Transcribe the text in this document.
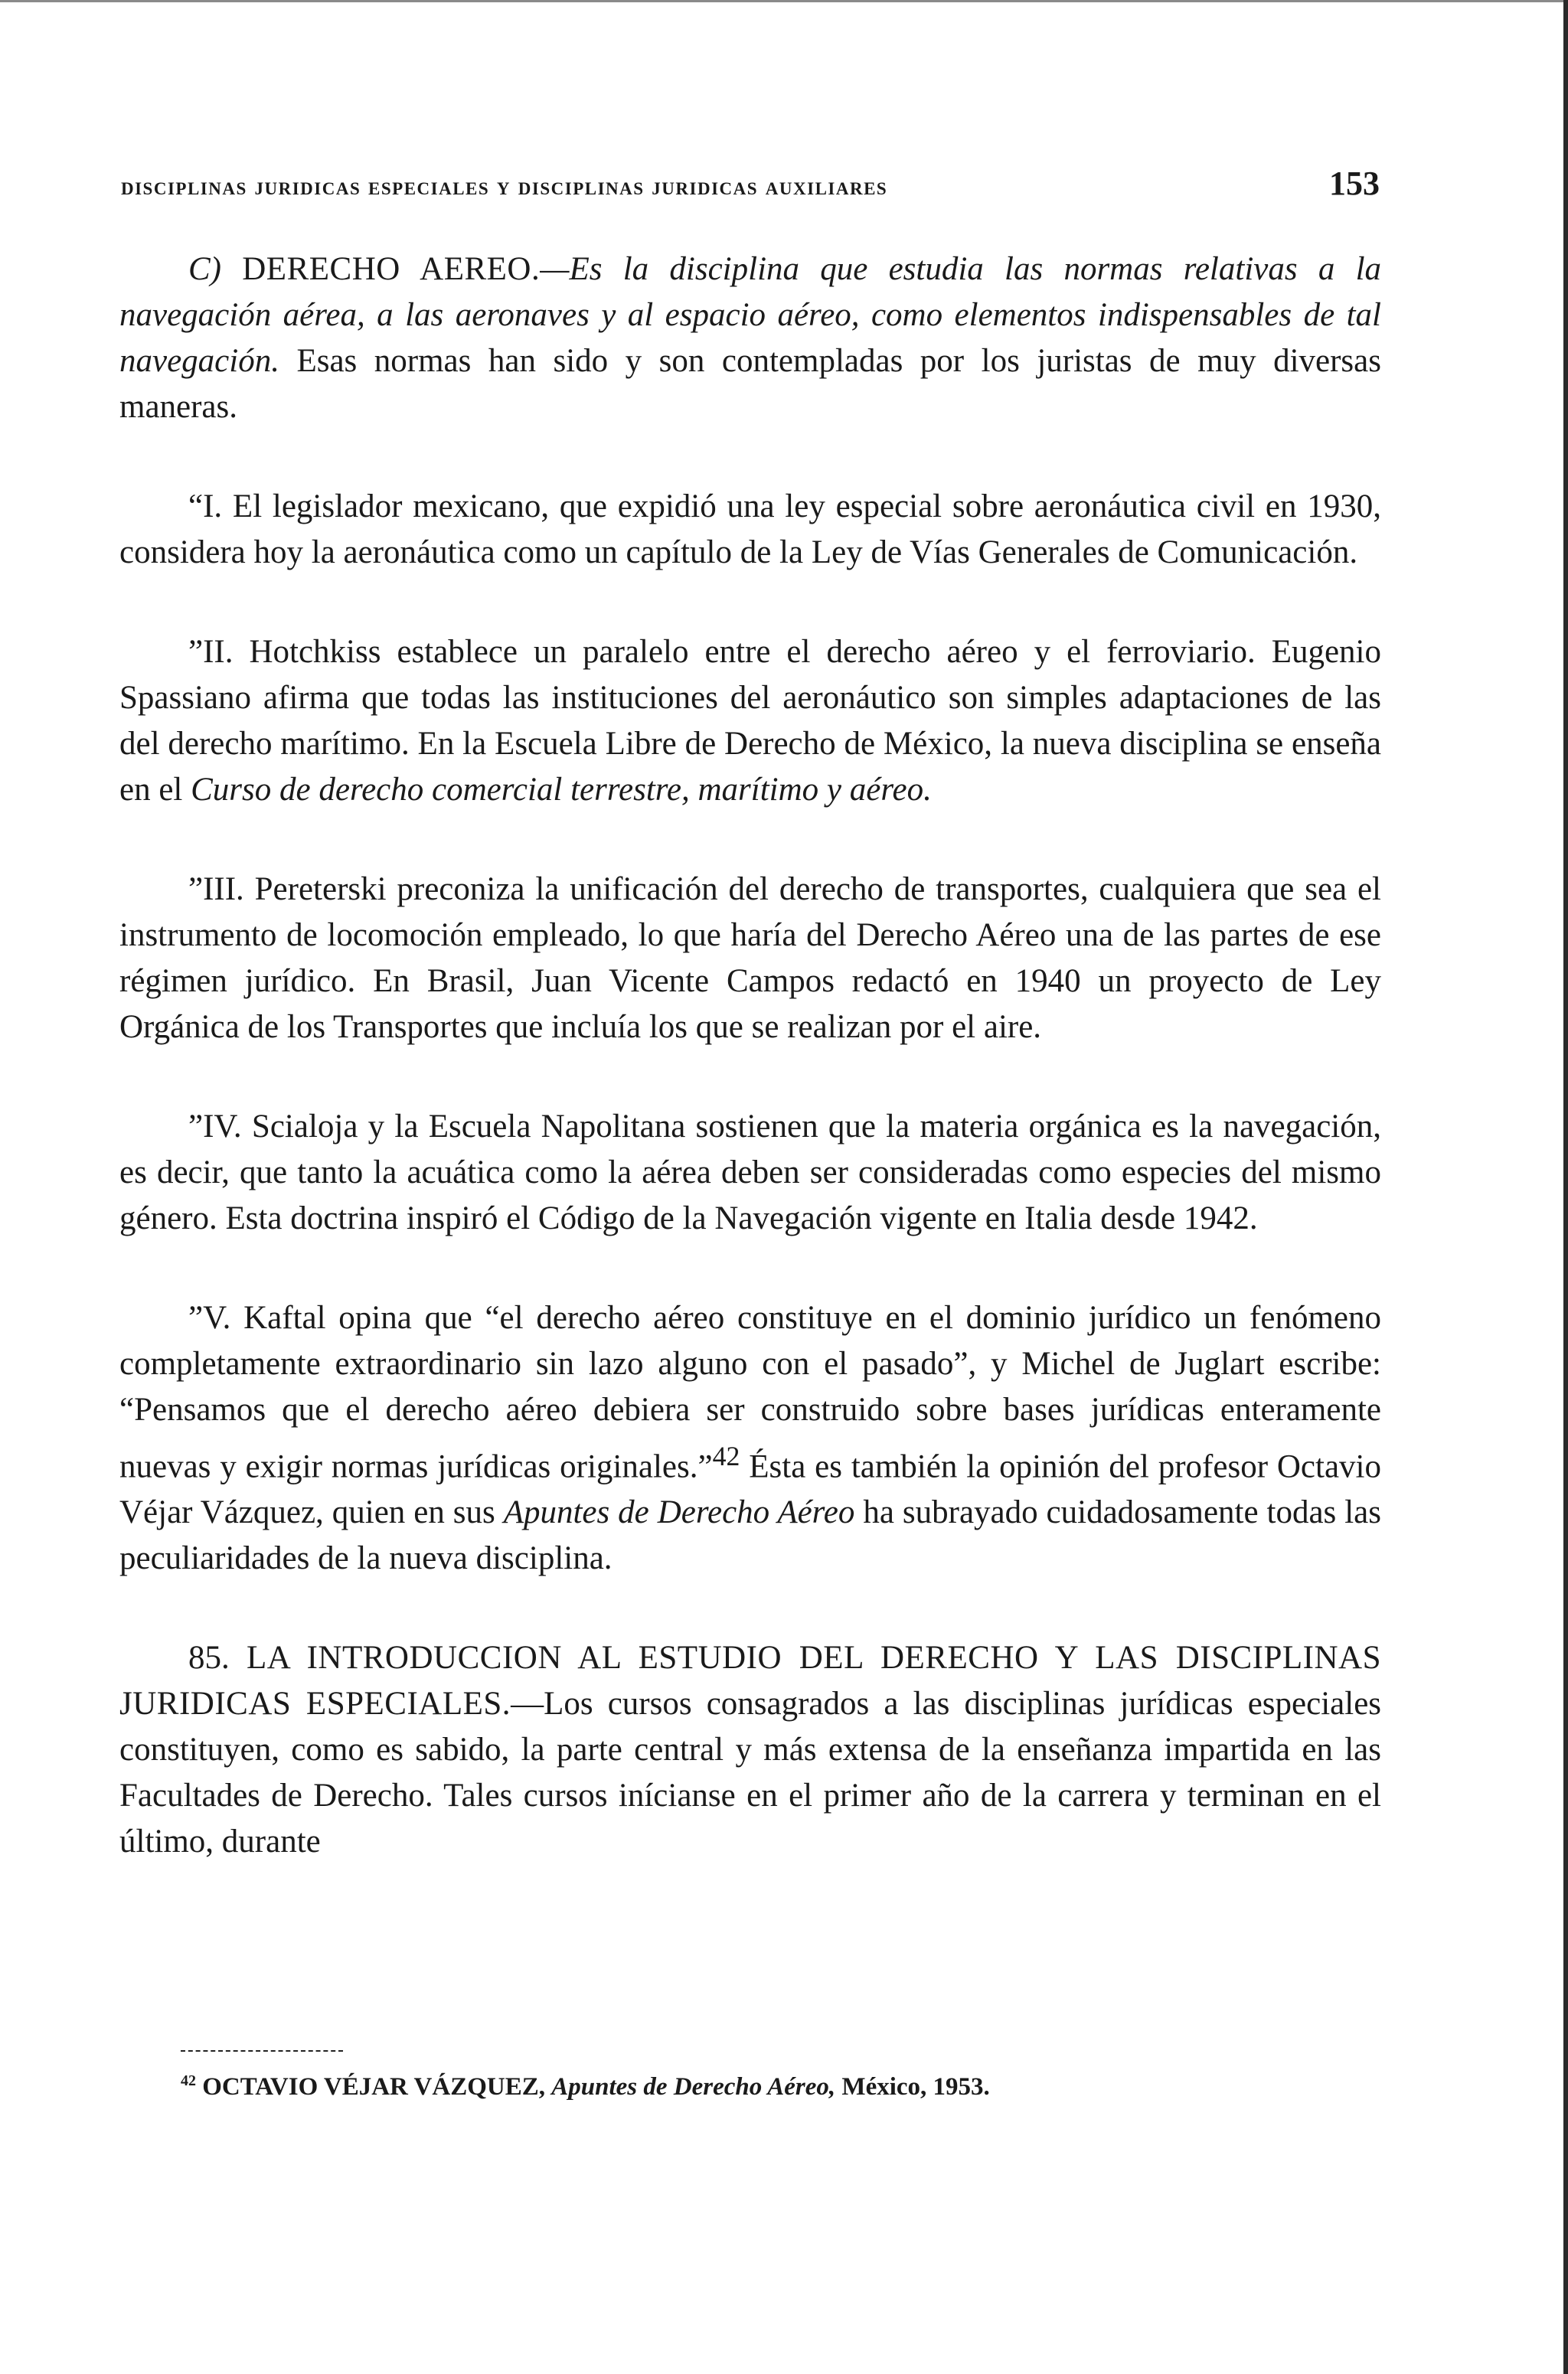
disciplinas juridicas especiales y disciplinas juridicas auxiliares	153

C) DERECHO AEREO.—Es la disciplina que estudia las normas relativas a la navegación aérea, a las aeronaves y al espacio aéreo, como elementos indispensables de tal navegación. Esas normas han sido y son contempladas por los juristas de muy diversas maneras.

“I. El legislador mexicano, que expidió una ley especial sobre aeronáutica civil en 1930, considera hoy la aeronáutica como un capítulo de la Ley de Vías Generales de Comunicación.

”II. Hotchkiss establece un paralelo entre el derecho aéreo y el ferroviario. Eugenio Spassiano afirma que todas las instituciones del aeronáutico son simples adaptaciones de las del derecho marítimo. En la Escuela Libre de Derecho de México, la nueva disciplina se enseña en el Curso de derecho comercial terrestre, marítimo y aéreo.

”III. Pereterski preconiza la unificación del derecho de transportes, cualquiera que sea el instrumento de locomoción empleado, lo que haría del Derecho Aéreo una de las partes de ese régimen jurídico. En Brasil, Juan Vicente Campos redactó en 1940 un proyecto de Ley Orgánica de los Transportes que incluía los que se realizan por el aire.

”IV. Scialoja y la Escuela Napolitana sostienen que la materia orgánica es la navegación, es decir, que tanto la acuática como la aérea deben ser consideradas como especies del mismo género. Esta doctrina inspiró el Código de la Navegación vigente en Italia desde 1942.

”V. Kaftal opina que “el derecho aéreo constituye en el dominio jurídico un fenómeno completamente extraordinario sin lazo alguno con el pasado”, y Michel de Juglart escribe: “Pensamos que el derecho aéreo debiera ser construido sobre bases jurídicas enteramente nuevas y exigir normas jurídicas originales.”$^{42}$ Ésta es también la opinión del profesor Octavio Véjar Vázquez, quien en sus Apuntes de Derecho Aéreo ha subrayado cuidadosamente todas las peculiaridades de la nueva disciplina.

85. LA INTRODUCCION AL ESTUDIO DEL DERECHO Y LAS DISCIPLINAS JURIDICAS ESPECIALES.—Los cursos consagrados a las disciplinas jurídicas especiales constituyen, como es sabido, la parte central y más extensa de la enseñanza impartida en las Facultades de Derecho. Tales cursos inícianse en el primer año de la carrera y terminan en el último, durante

$^{42}$ OCTAVIO VÉJAR VÁZQUEZ, Apuntes de Derecho Aéreo, México, 1953.
